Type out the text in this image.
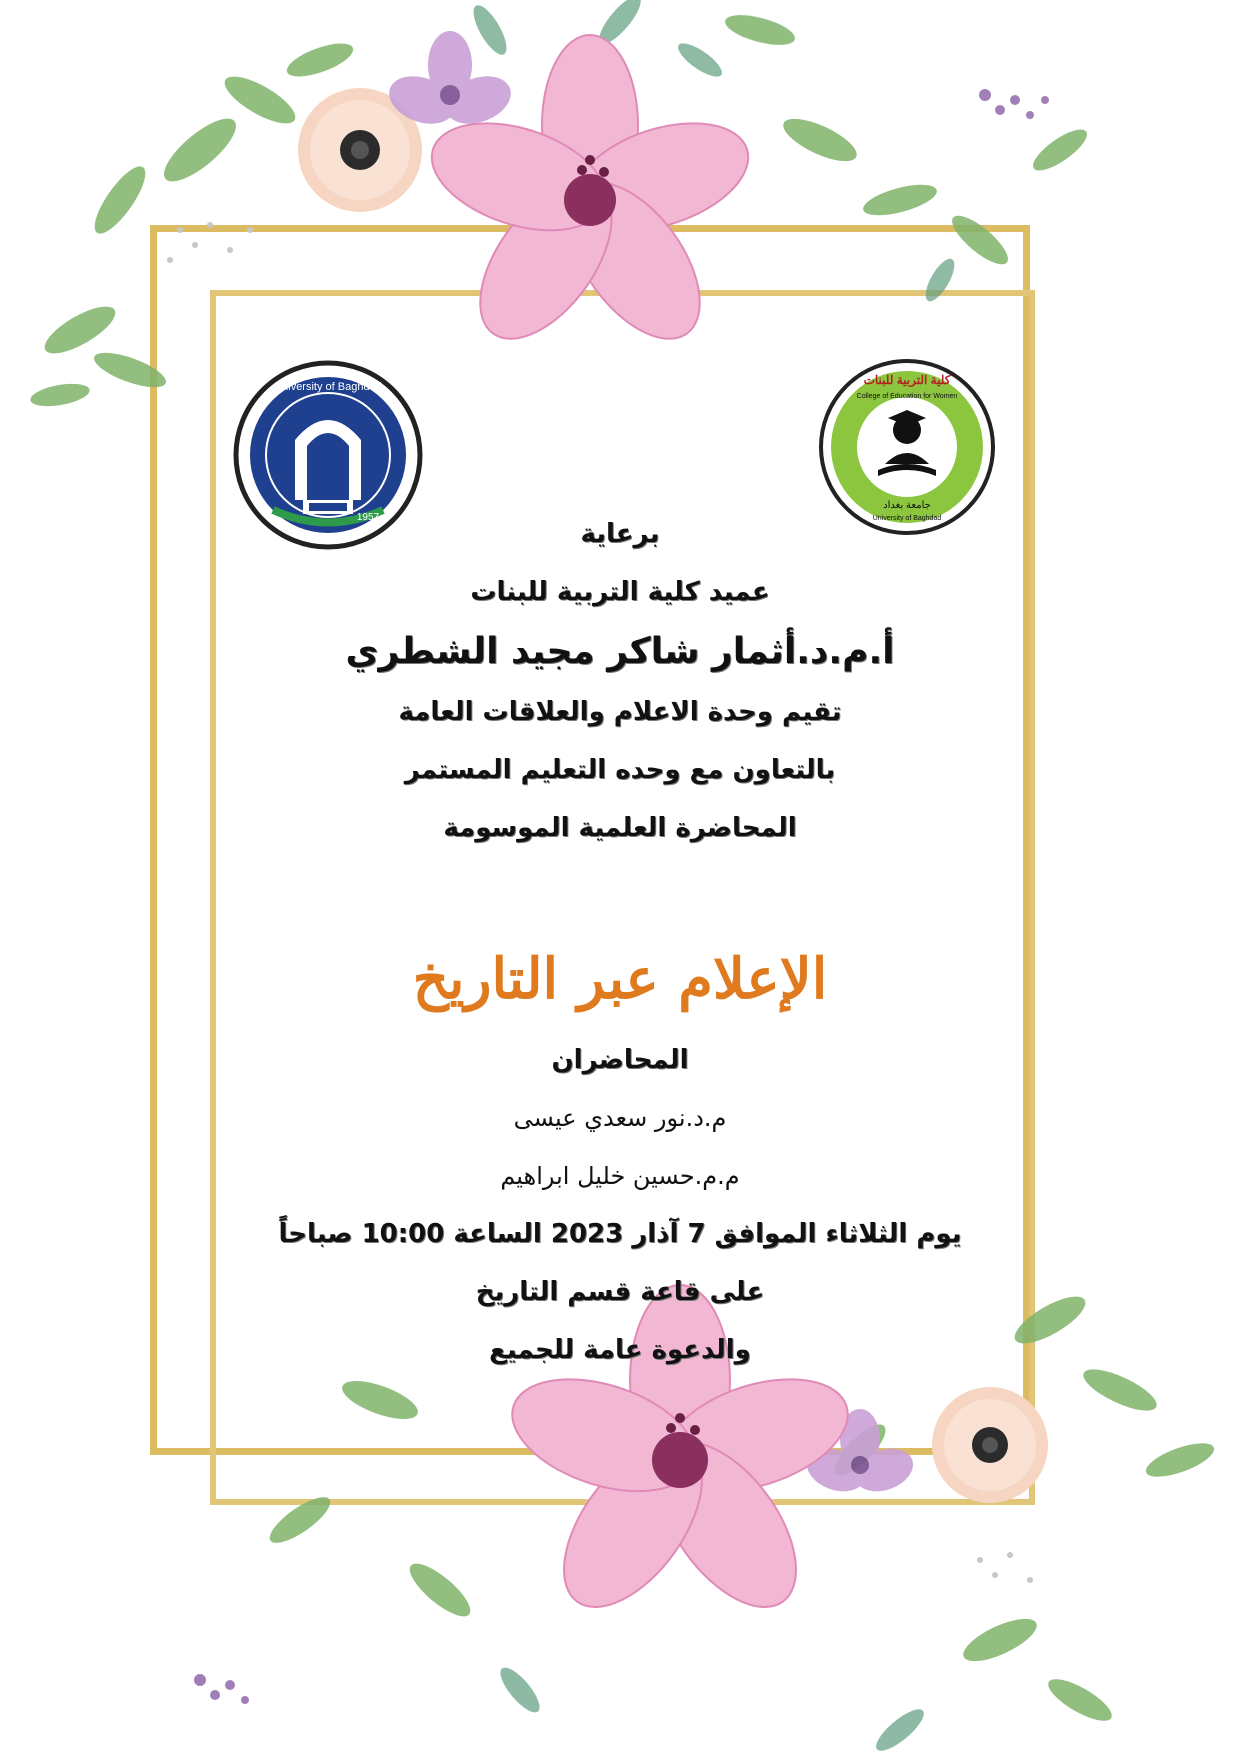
University of Baghdad
1957
كلية التربية للبنات
College of Education for Women
جامعة بغداد
University of Baghdad
برعاية
عميد كلية التربية للبنات
أ.م.د.أثمار شاكر مجيد الشطري
تقيم وحدة الاعلام والعلاقات العامة
بالتعاون مع وحده التعليم المستمر
المحاضرة العلمية الموسومة
الإعلام عبر التاريخ
المحاضران
م.د.نور سعدي عيسى
م.م.حسين خليل ابراهيم
يوم الثلاثاء الموافق 7 آذار 2023 الساعة 10:00 صباحاً
على قاعة قسم التاريخ
والدعوة عامة للجميع
